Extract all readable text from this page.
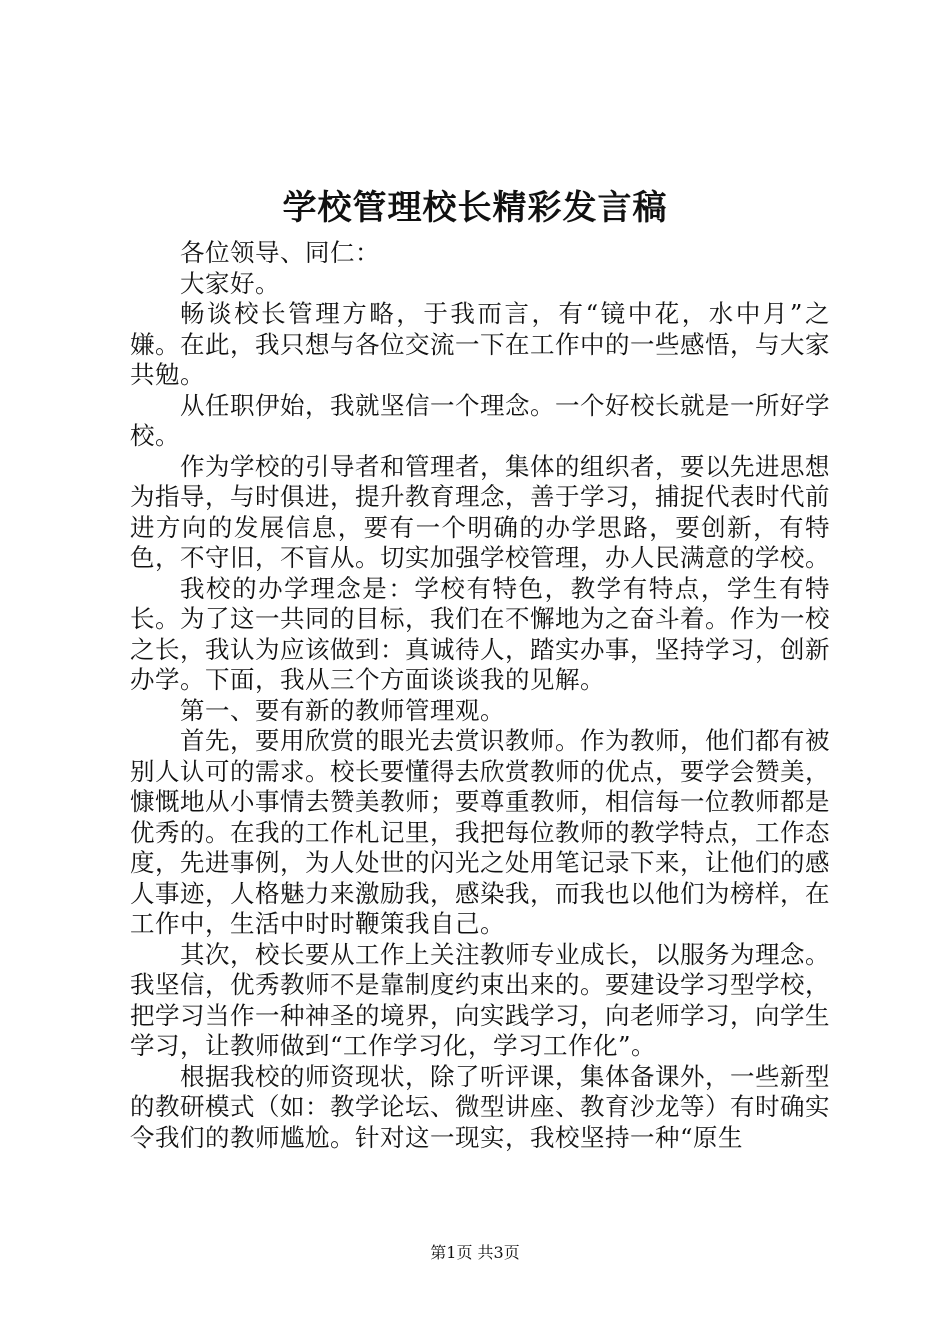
学校管理校长精彩发言稿

各位领导、同仁：

大家好。

畅谈校长管理方略，于我而言，有“镜中花，水中月”之嫌。在此，我只想与各位交流一下在工作中的一些感悟，与大家共勉。

从任职伊始，我就坚信一个理念。一个好校长就是一所好学校。

作为学校的引导者和管理者，集体的组织者，要以先进思想为指导，与时俱进，提升教育理念，善于学习，捕捉代表时代前进方向的发展信息，要有一个明确的办学思路，要创新，有特色，不守旧，不盲从。切实加强学校管理，办人民满意的学校。

我校的办学理念是：学校有特色，教学有特点，学生有特长。为了这一共同的目标，我们在不懈地为之奋斗着。作为一校之长，我认为应该做到：真诚待人，踏实办事，坚持学习，创新办学。下面，我从三个方面谈谈我的见解。

第一、要有新的教师管理观。

首先，要用欣赏的眼光去赏识教师。作为教师，他们都有被别人认可的需求。校长要懂得去欣赏教师的优点，要学会赞美，慷慨地从小事情去赞美教师；要尊重教师，相信每一位教师都是优秀的。在我的工作札记里，我把每位教师的教学特点，工作态度，先进事例，为人处世的闪光之处用笔记录下来，让他们的感人事迹，人格魅力来激励我，感染我，而我也以他们为榜样，在工作中，生活中时时鞭策我自己。

其次，校长要从工作上关注教师专业成长，以服务为理念。我坚信，优秀教师不是靠制度约束出来的。要建设学习型学校，把学习当作一种神圣的境界，向实践学习，向老师学习，向学生学习，让教师做到“工作学习化，学习工作化”。

根据我校的师资现状，除了听评课，集体备课外，一些新型的教研模式（如：教学论坛、微型讲座、教育沙龙等）有时确实令我们的教师尴尬。针对这一现实，我校坚持一种“原生

第1页 共3页
